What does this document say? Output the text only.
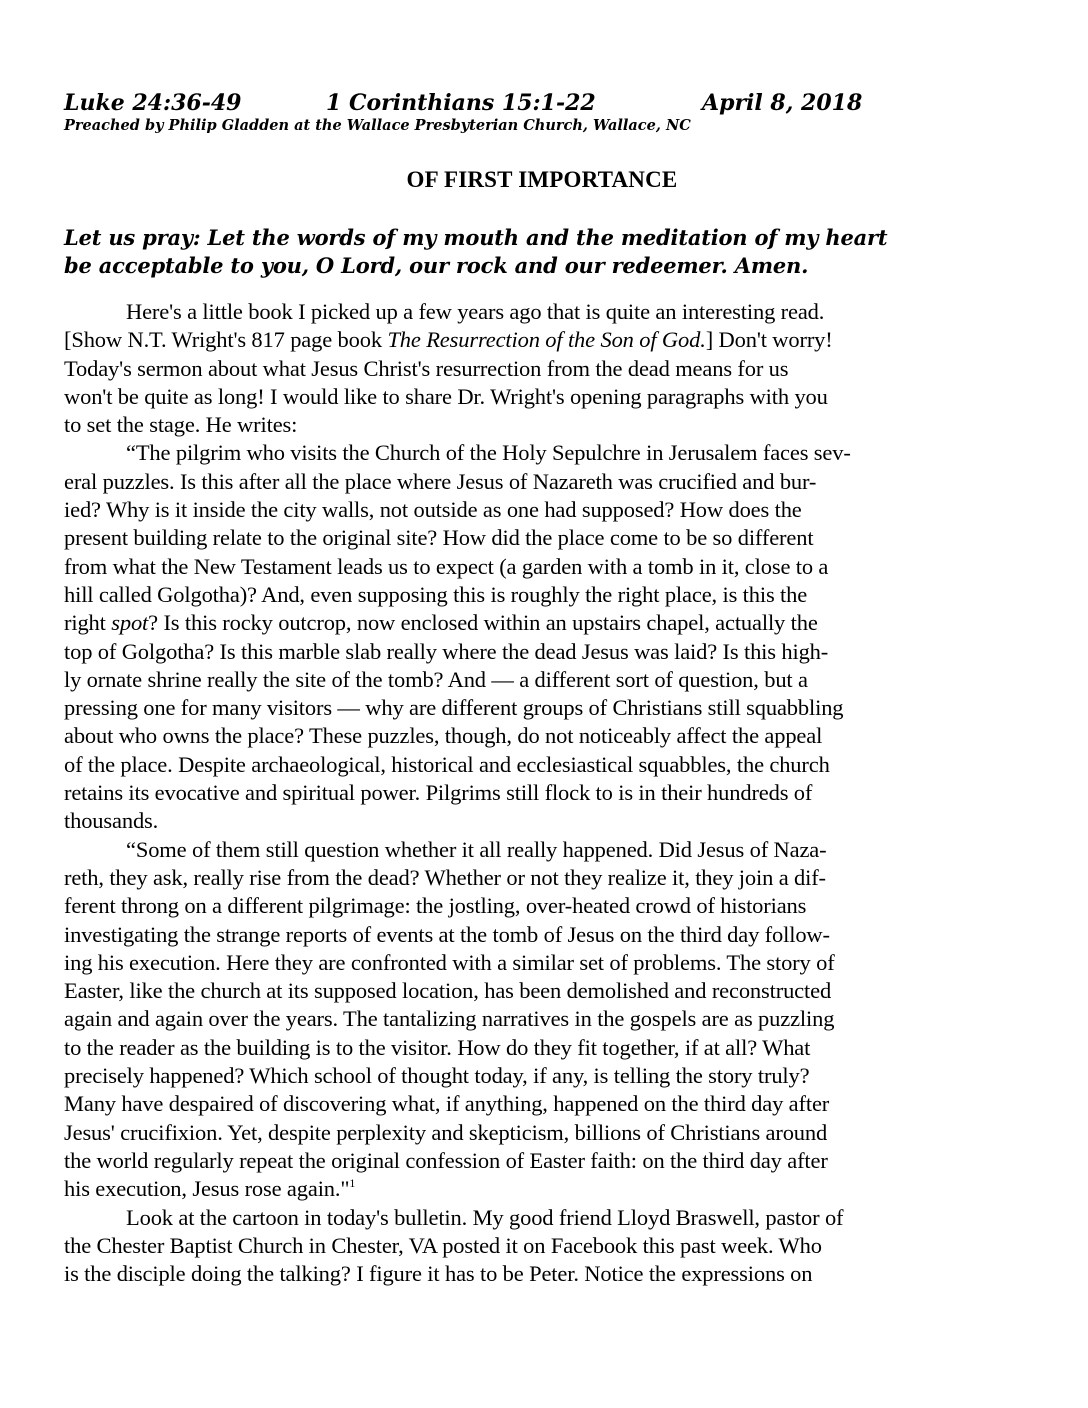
Luke 24:36-49	1 Corinthians 15:1-22	April 8, 2018
Preached by Philip Gladden at the Wallace Presbyterian Church, Wallace, NC
OF FIRST IMPORTANCE
Let us pray: Let the words of my mouth and the meditation of my heart
be acceptable to you, O Lord, our rock and our redeemer. Amen.
Here's a little book I picked up a few years ago that is quite an interesting read.
[Show N.T. Wright's 817 page book The Resurrection of the Son of God.] Don't worry!
Today's sermon about what Jesus Christ's resurrection from the dead means for us
won't be quite as long! I would like to share Dr. Wright's opening paragraphs with you
to set the stage. He writes:
“The pilgrim who visits the Church of the Holy Sepulchre in Jerusalem faces sev-
eral puzzles. Is this after all the place where Jesus of Nazareth was crucified and bur-
ied? Why is it inside the city walls, not outside as one had supposed? How does the
present building relate to the original site? How did the place come to be so different
from what the New Testament leads us to expect (a garden with a tomb in it, close to a
hill called Golgotha)? And, even supposing this is roughly the right place, is this the
right spot? Is this rocky outcrop, now enclosed within an upstairs chapel, actually the
top of Golgotha? Is this marble slab really where the dead Jesus was laid? Is this high-
ly ornate shrine really the site of the tomb? And — a different sort of question, but a
pressing one for many visitors — why are different groups of Christians still squabbling
about who owns the place? These puzzles, though, do not noticeably affect the appeal
of the place. Despite archaeological, historical and ecclesiastical squabbles, the church
retains its evocative and spiritual power. Pilgrims still flock to is in their hundreds of
thousands.
“Some of them still question whether it all really happened. Did Jesus of Naza-
reth, they ask, really rise from the dead? Whether or not they realize it, they join a dif-
ferent throng on a different pilgrimage: the jostling, over-heated crowd of historians
investigating the strange reports of events at the tomb of Jesus on the third day follow-
ing his execution. Here they are confronted with a similar set of problems. The story of
Easter, like the church at its supposed location, has been demolished and reconstructed
again and again over the years. The tantalizing narratives in the gospels are as puzzling
to the reader as the building is to the visitor. How do they fit together, if at all? What
precisely happened? Which school of thought today, if any, is telling the story truly?
Many have despaired of discovering what, if anything, happened on the third day after
Jesus' crucifixion. Yet, despite perplexity and skepticism, billions of Christians around
the world regularly repeat the original confession of Easter faith: on the third day after
his execution, Jesus rose again."$^1$
Look at the cartoon in today's bulletin. My good friend Lloyd Braswell, pastor of
the Chester Baptist Church in Chester, VA posted it on Facebook this past week. Who
is the disciple doing the talking? I figure it has to be Peter. Notice the expressions on
